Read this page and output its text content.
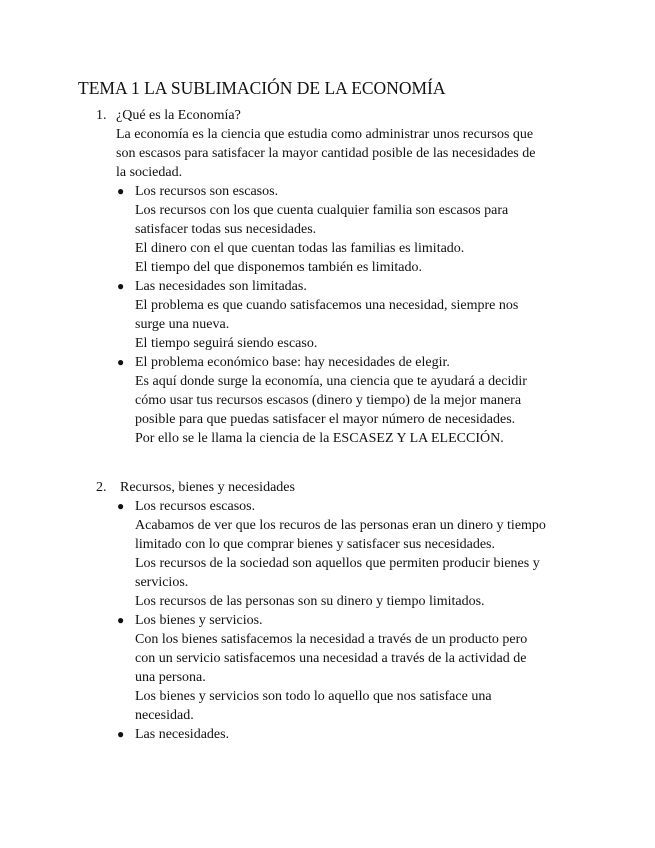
TEMA 1 LA SUBLIMACIÓN DE LA ECONOMÍA
1. ¿Qué es la Economía?
La economía es la ciencia que estudia como administrar unos recursos que
son escasos para satisfacer la mayor cantidad posible de las necesidades de
la sociedad.
● Los recursos son escasos.
Los recursos con los que cuenta cualquier familia son escasos para
satisfacer todas sus necesidades.
El dinero con el que cuentan todas las familias es limitado.
El tiempo del que disponemos también es limitado.
● Las necesidades son limitadas.
El problema es que cuando satisfacemos una necesidad, siempre nos
surge una nueva.
El tiempo seguirá siendo escaso.
● El problema económico base: hay necesidades de elegir.
Es aquí donde surge la economía, una ciencia que te ayudará a decidir
cómo usar tus recursos escasos (dinero y tiempo) de la mejor manera
posible para que puedas satisfacer el mayor número de necesidades.
Por ello se le llama la ciencia de la ESCASEZ Y LA ELECCIÓN.
2. Recursos, bienes y necesidades
● Los recursos escasos.
Acabamos de ver que los recuros de las personas eran un dinero y tiempo
limitado con lo que comprar bienes y satisfacer sus necesidades.
Los recursos de la sociedad son aquellos que permiten producir bienes y
servicios.
Los recursos de las personas son su dinero y tiempo limitados.
● Los bienes y servicios.
Con los bienes satisfacemos la necesidad a través de un producto pero
con un servicio satisfacemos una necesidad a través de la actividad de
una persona.
Los bienes y servicios son todo lo aquello que nos satisface una
necesidad.
● Las necesidades.
